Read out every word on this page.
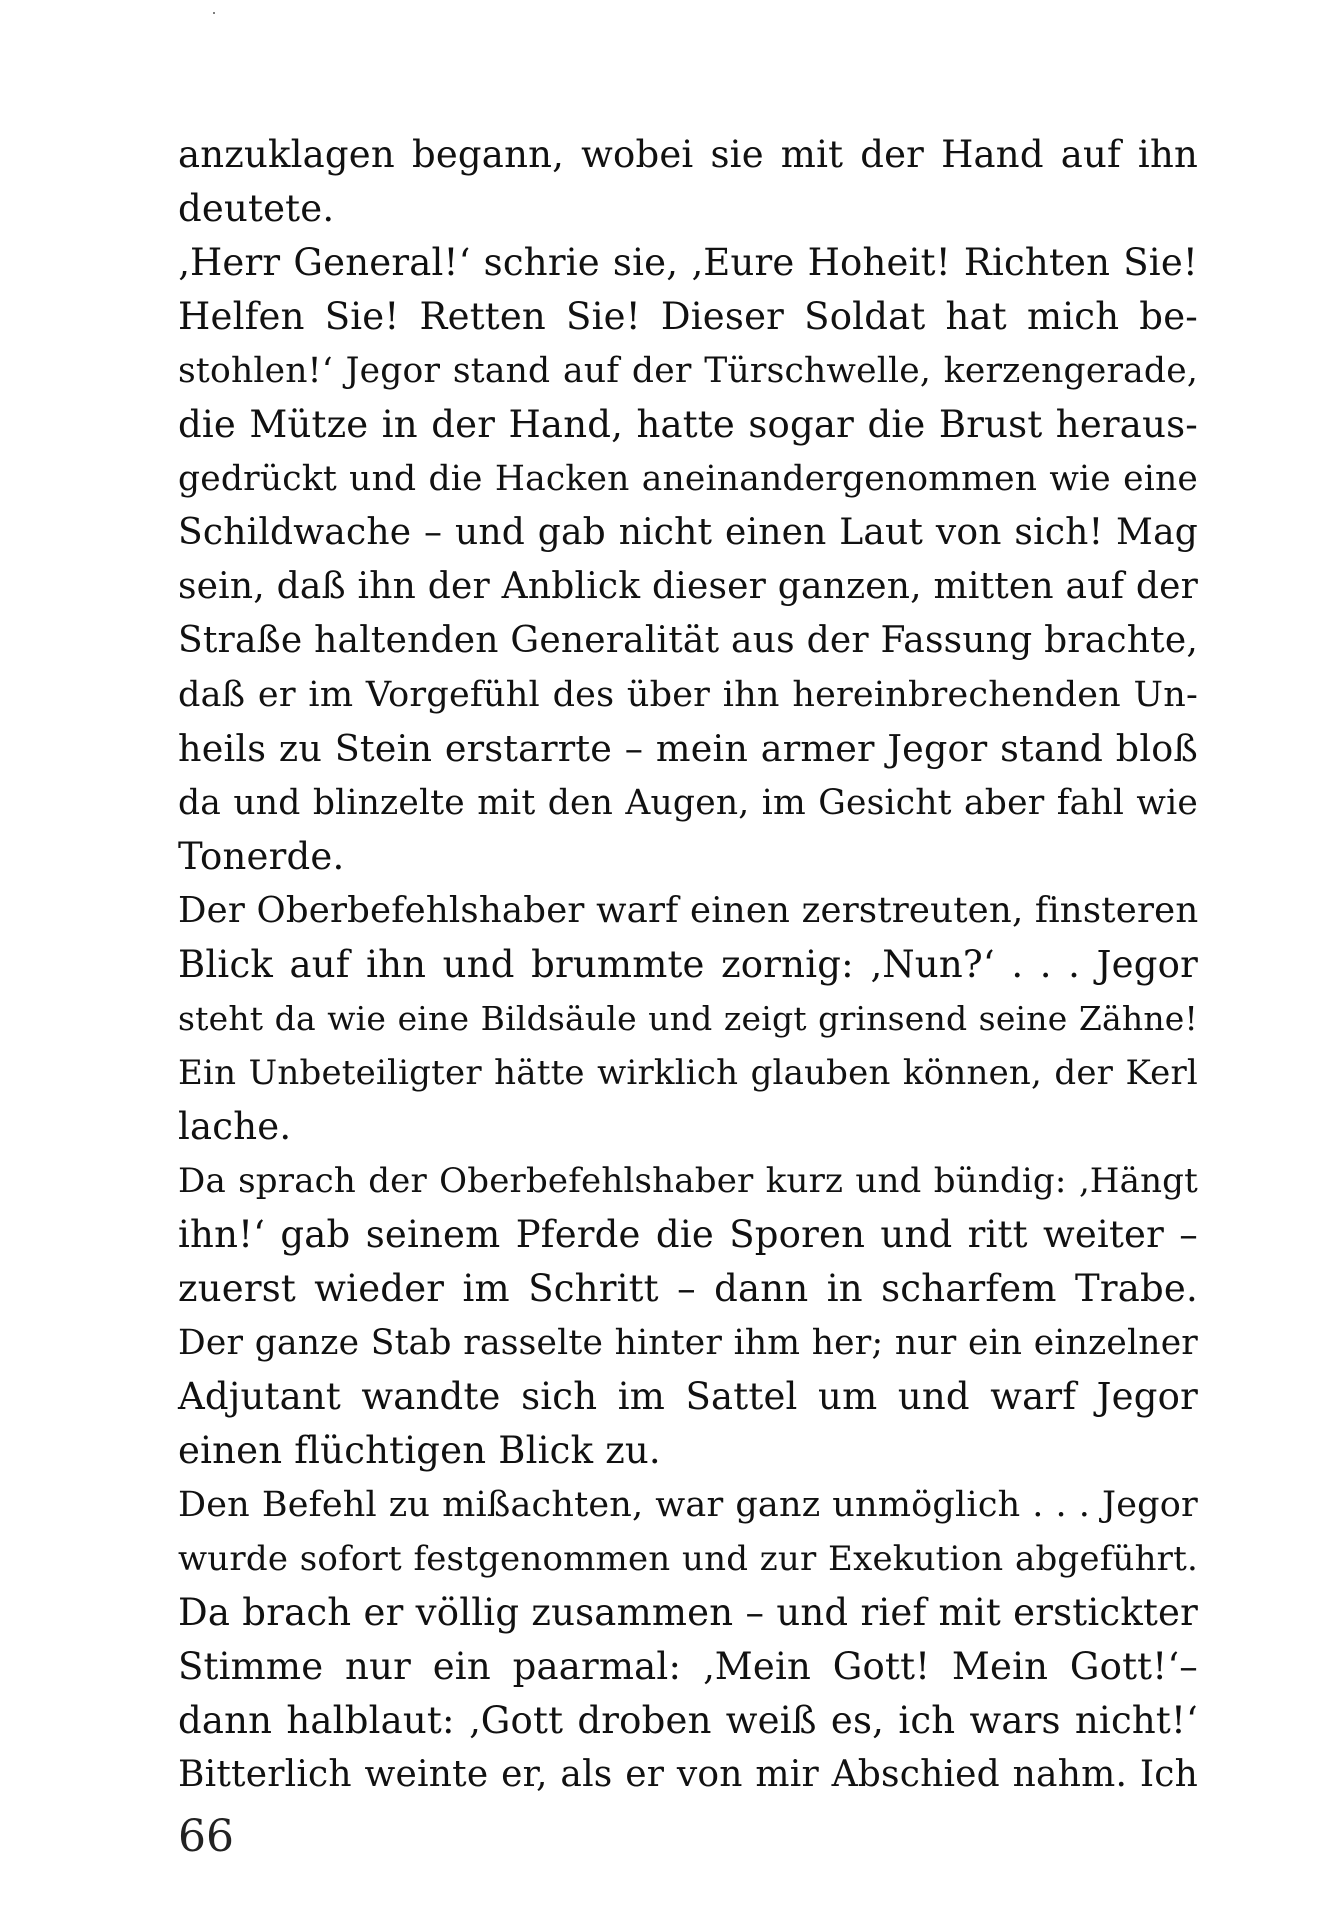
anzuklagen begann, wobei sie mit der Hand auf ihn
deutete.
‚Herr General!‘ schrie sie, ‚Eure Hoheit! Richten Sie!
Helfen Sie! Retten Sie! Dieser Soldat hat mich be-
stohlen!‘ Jegor stand auf der Türschwelle, kerzengerade,
die Mütze in der Hand, hatte sogar die Brust heraus-
gedrückt und die Hacken aneinandergenommen wie eine
Schildwache – und gab nicht einen Laut von sich! Mag
sein, daß ihn der Anblick dieser ganzen, mitten auf der
Straße haltenden Generalität aus der Fassung brachte,
daß er im Vorgefühl des über ihn hereinbrechenden Un-
heils zu Stein erstarrte – mein armer Jegor stand bloß
da und blinzelte mit den Augen, im Gesicht aber fahl wie
Tonerde.
Der Oberbefehlshaber warf einen zerstreuten, finsteren
Blick auf ihn und brummte zornig: ‚Nun?‘ . . . Jegor
steht da wie eine Bildsäule und zeigt grinsend seine Zähne!
Ein Unbeteiligter hätte wirklich glauben können, der Kerl
lache.
Da sprach der Oberbefehlshaber kurz und bündig: ‚Hängt
ihn!‘ gab seinem Pferde die Sporen und ritt weiter –
zuerst wieder im Schritt – dann in scharfem Trabe.
Der ganze Stab rasselte hinter ihm her; nur ein einzelner
Adjutant wandte sich im Sattel um und warf Jegor
einen flüchtigen Blick zu.
Den Befehl zu mißachten, war ganz unmöglich . . . Jegor
wurde sofort festgenommen und zur Exekution abgeführt.
Da brach er völlig zusammen – und rief mit erstickter
Stimme nur ein paarmal: ‚Mein Gott! Mein Gott!‘–
dann halblaut: ‚Gott droben weiß es, ich wars nicht!‘
Bitterlich weinte er, als er von mir Abschied nahm. Ich
66
